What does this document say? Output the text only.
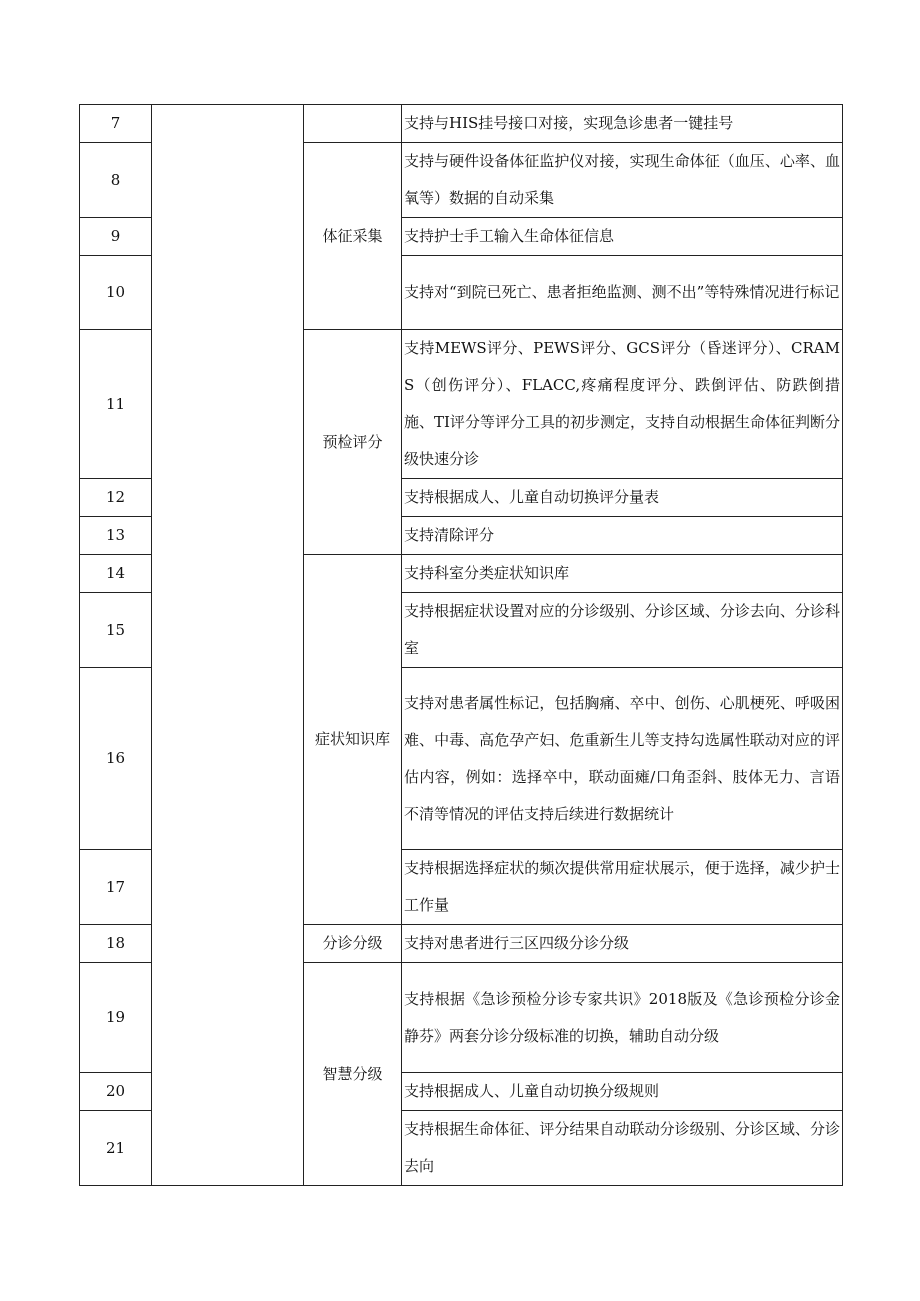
7			支持与HIS挂号接口对接，实现急诊患者一键挂号
8		体征采集	支持与硬件设备体征监护仪对接，实现生命体征（血压、心率、血氧等）数据的自动采集
9			支持护士手工输入生命体征信息
10			支持对“到院已死亡、患者拒绝监测、测不出”等特殊情况进行标记
11		预检评分	支持MEWS评分、PEWS评分、GCS评分（昏迷评分）、CRAMS（创伤评分）、FLACC,疼痛程度评分、跌倒评估、防跌倒措施、TI评分等评分工具的初步测定，支持自动根据生命体征判断分级快速分诊
12			支持根据成人、儿童自动切换评分量表
13			支持清除评分
14		症状知识库	支持科室分类症状知识库
15			支持根据症状设置对应的分诊级别、分诊区域、分诊去向、分诊科室
16			支持对患者属性标记，包括胸痛、卒中、创伤、心肌梗死、呼吸困难、中毒、高危孕产妇、危重新生儿等支持勾选属性联动对应的评估内容，例如：选择卒中，联动面瘫/口角歪斜、肢体无力、言语不清等情况的评估支持后续进行数据统计
17			支持根据选择症状的频次提供常用症状展示，便于选择，减少护士工作量
18		分诊分级	支持对患者进行三区四级分诊分级
19		智慧分级	支持根据《急诊预检分诊专家共识》2018版及《急诊预检分诊金静芬》两套分诊分级标准的切换，辅助自动分级
20			支持根据成人、儿童自动切换分级规则
21			支持根据生命体征、评分结果自动联动分诊级别、分诊区域、分诊去向
